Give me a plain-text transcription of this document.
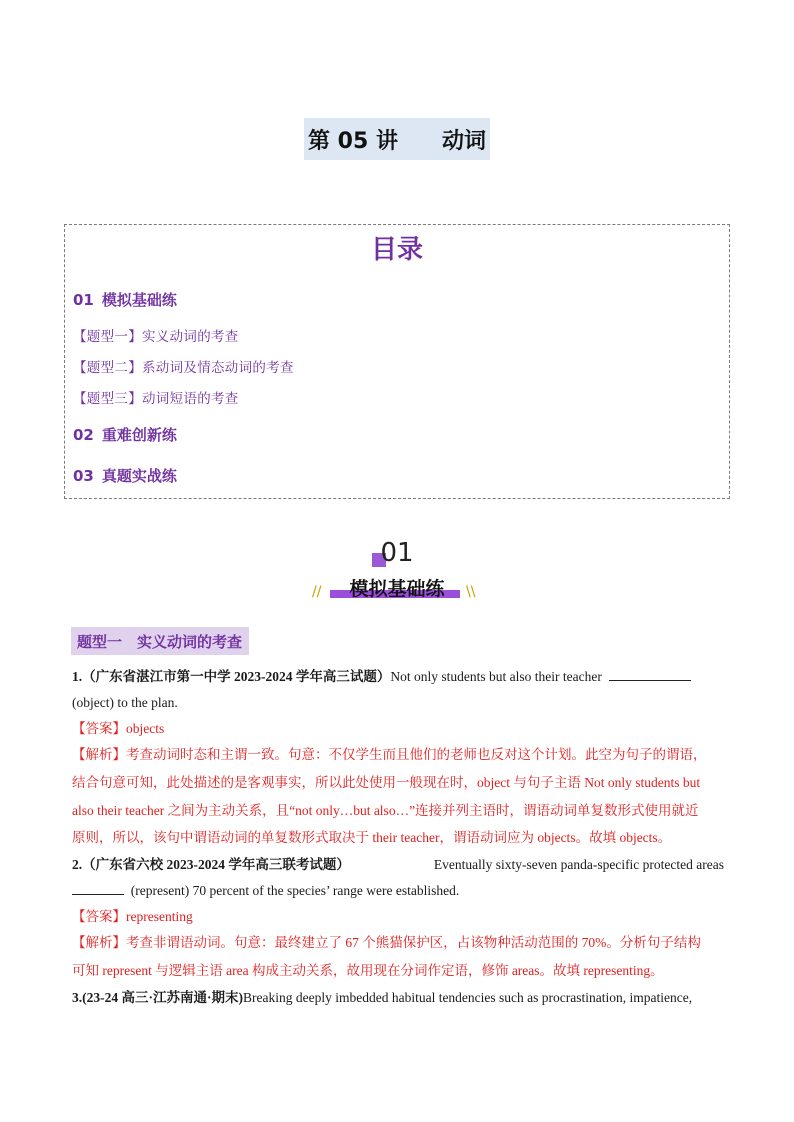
第 05 讲 动词
目录
01 模拟基础练
【题型一】实义动词的考查
【题型二】系动词及情态动词的考查
【题型三】动词短语的考查
02 重难创新练
03 真题实战练
01
模拟基础练
//	\\
题型一　实义动词的考查
1.（广东省湛江市第一中学 2023-2024 学年高三试题）Not only students but also their teacher
(object) to the plan.
【答案】objects
【解析】考查动词时态和主谓一致。句意：不仅学生而且他们的老师也反对这个计划。此空为句子的谓语，
结合句意可知，此处描述的是客观事实，所以此处使用一般现在时，object 与句子主语 Not only students but
also their teacher 之间为主动关系，且“not only…but also…”连接并列主语时，谓语动词单复数形式使用就近
原则，所以，该句中谓语动词的单复数形式取决于 their teacher，谓语动词应为 objects。故填 objects。
2.（广东省六校 2023-2024 学年高三联考试题）	Eventually sixty-seven panda-specific protected areas
(represent) 70 percent of the species’ range were established.
【答案】representing
【解析】考查非谓语动词。句意：最终建立了 67 个熊猫保护区，占该物种活动范围的 70%。分析句子结构
可知 represent 与逻辑主语 area 构成主动关系，故用现在分词作定语，修饰 areas。故填 representing。
3.(23-24 高三·江苏南通·期末)Breaking deeply imbedded habitual tendencies such as procrastination, impatience,
